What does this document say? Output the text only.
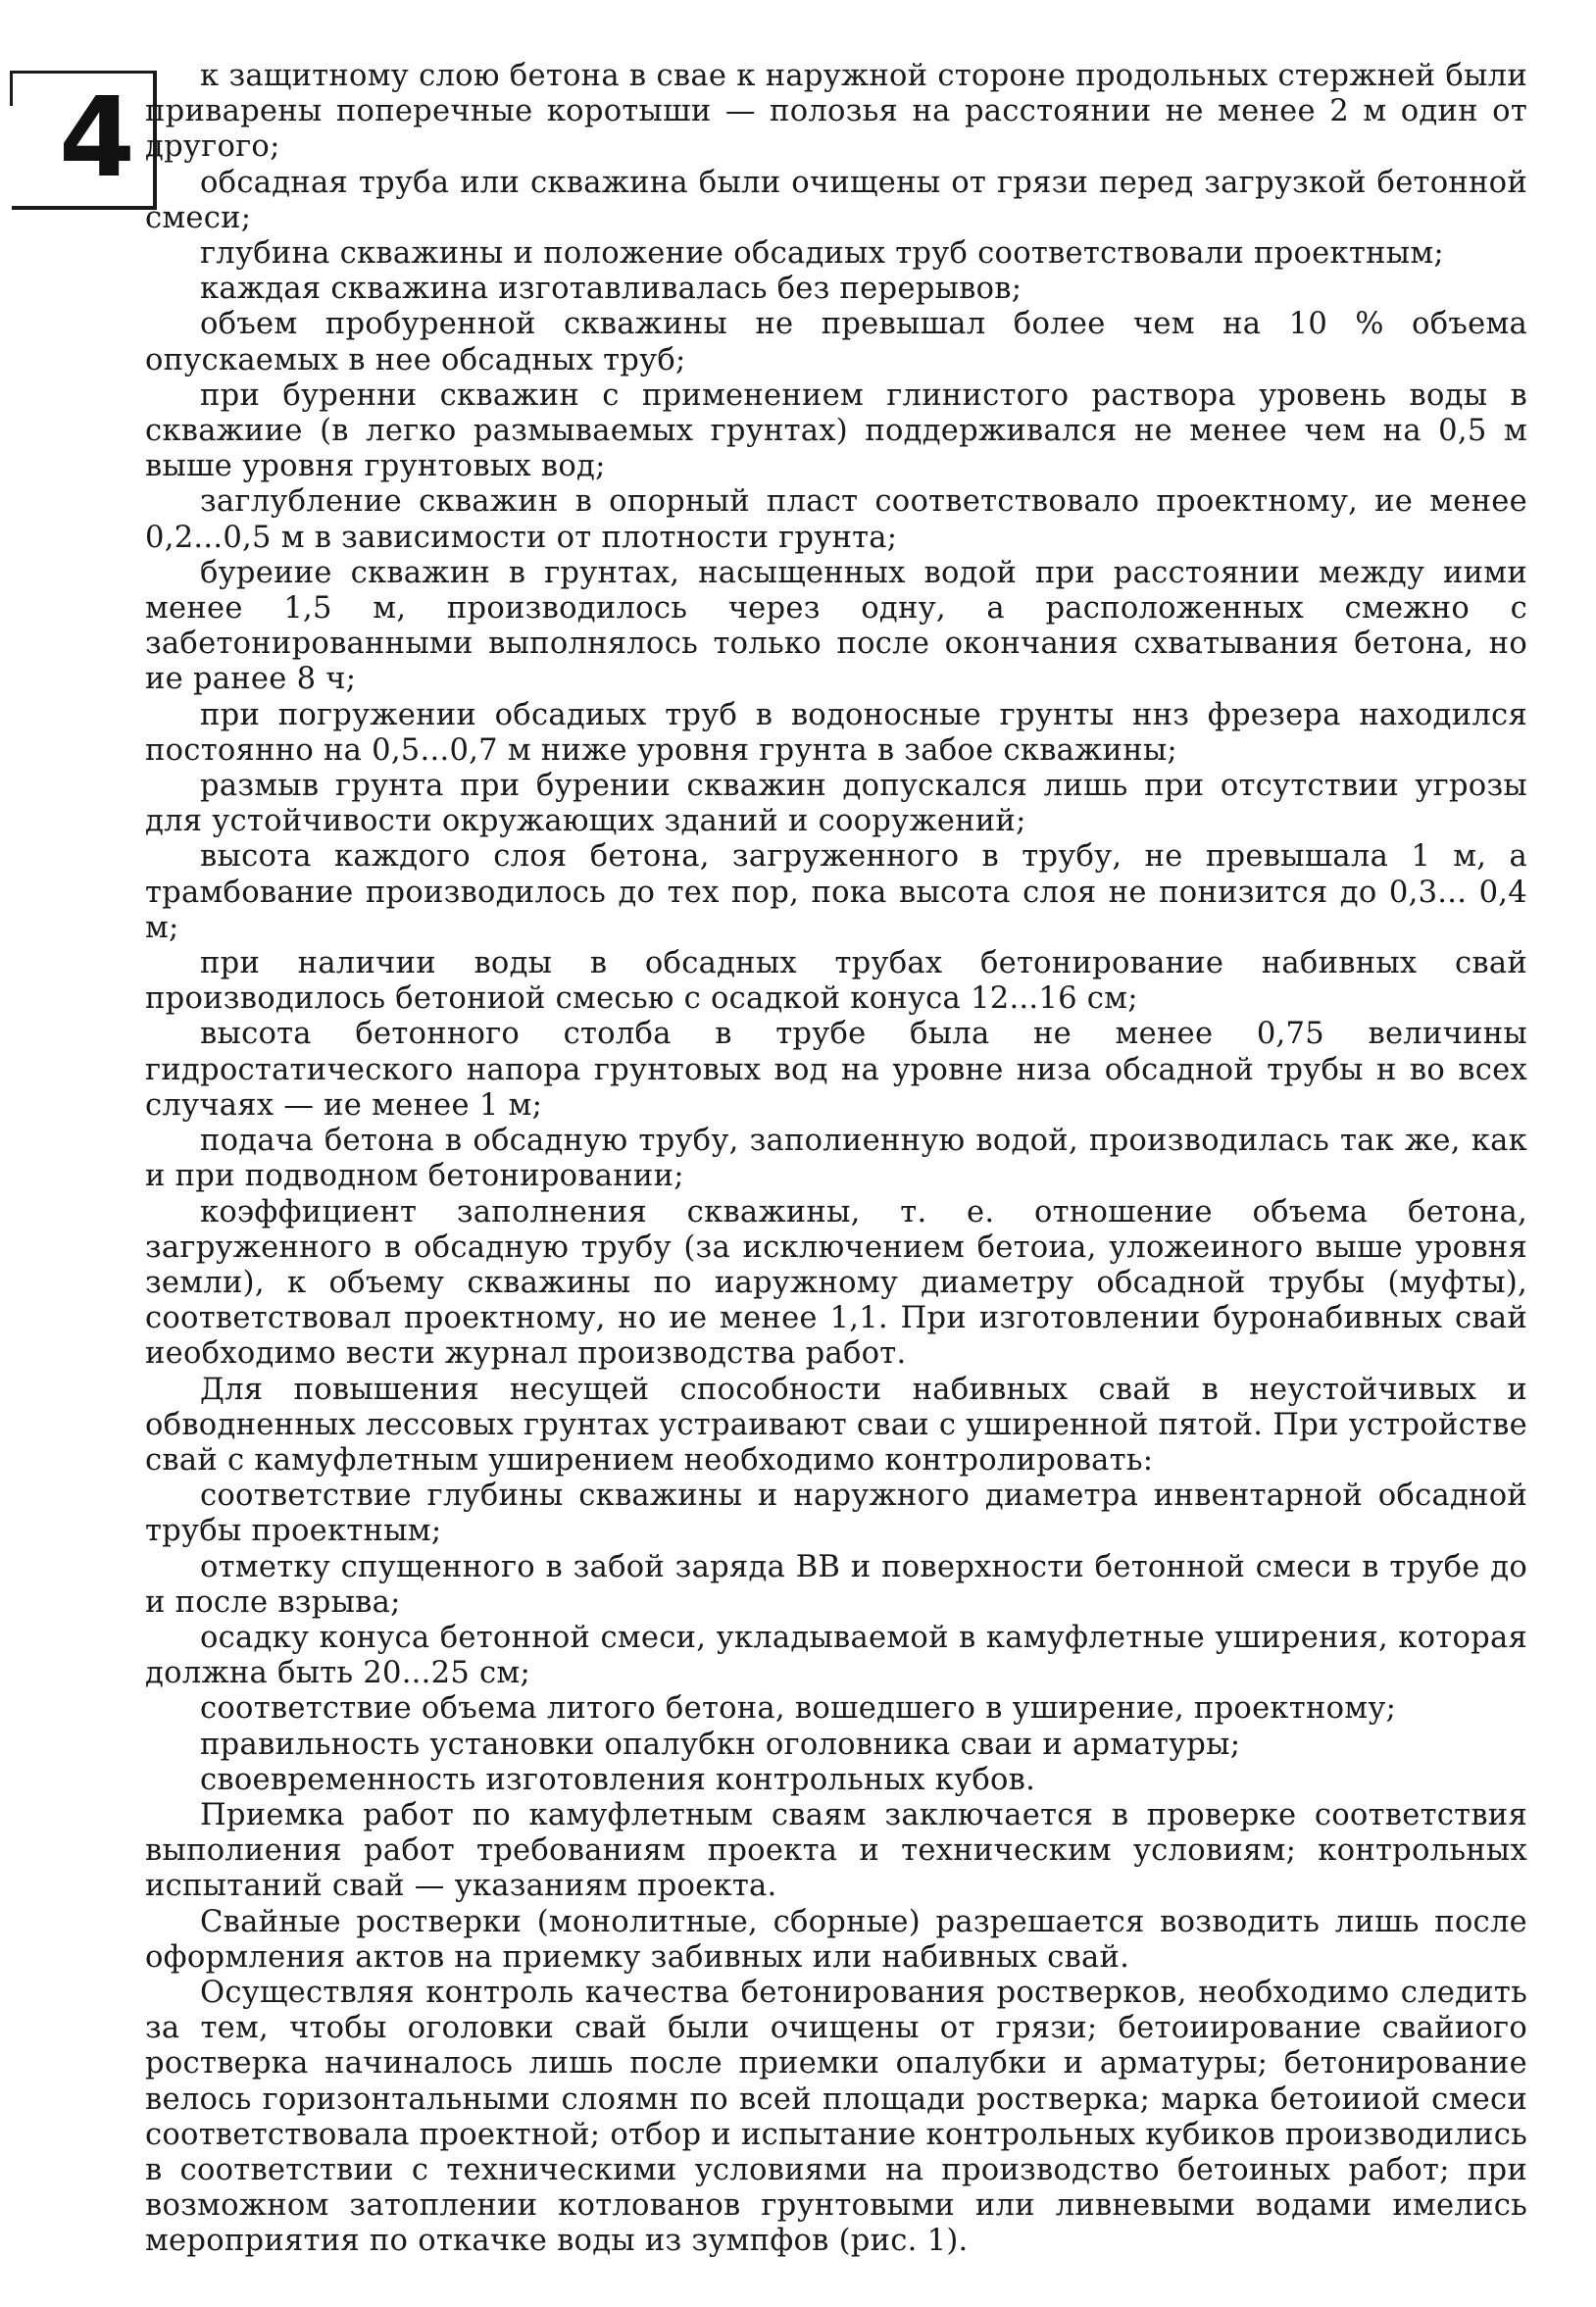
4	к защитному слою бетона в свае к наружной стороне продольных стержней были приварены поперечные коротыши — полозья на расстоянии не менее 2 м один от другого;

обсадная труба или скважина были очищены от грязи перед загрузкой бетонной смеси;

глубина скважины и положение обсадиых труб соответствовали проектным;

каждая скважина изготавливалась без перерывов;

объем пробуренной скважины не превышал более чем на 10 % объема опускаемых в нее обсадных труб;

при буренни скважин с применением глинистого раствора уровень воды в скважиие (в легко размываемых грунтах) поддерживался не менее чем на 0,5 м выше уровня грунтовых вод;

заглубление скважин в опорный пласт соответствовало проектному, ие менее 0,2...0,5 м в зависимости от плотности грунта;

буреиие скважин в грунтах, насыщенных водой при расстоянии между иими менее 1,5 м, производилось через одну, а расположенных смежно с забетонированными выполнялось только после окончания схватывания бетона, но ие ранее 8 ч;

при погружении обсадиых труб в водоносные грунты ннз фрезера находился постоянно на 0,5...0,7 м ниже уровня грунта в забое скважины;

размыв грунта при бурении скважин допускался лишь при отсутствии угрозы для устойчивости окружающих зданий и сооружений;

высота каждого слоя бетона, загруженного в трубу, не превышала 1 м, а трамбование производилось до тех пор, пока высота слоя не понизится до 0,3... 0,4 м;

при наличии воды в обсадных трубах бетонирование набивных свай производилось бетониой смесью с осадкой конуса 12...16 см;

высота бетонного столба в трубе была не менее 0,75 величины гидростатического напора грунтовых вод на уровне низа обсадной трубы н во всех случаях — ие менее 1 м;

подача бетона в обсадную трубу, заполиенную водой, производилась так же, как и при подводном бетонировании;

коэффициент заполнения скважины, т. е. отношение объема бетона, загруженного в обсадную трубу (за исключением бетоиа, уложеиного выше уровня земли), к объему скважины по иаружному диаметру обсадной трубы (муфты), соответствовал проектному, но ие менее 1,1. При изготовлении буронабивных свай иеобходимо вести журнал производства работ.

Для повышения несущей способности набивных свай в неустойчивых и обводненных лессовых грунтах устраивают сваи с уширенной пятой. При устройстве свай с камуфлетным уширением необходимо контролировать:

соответствие глубины скважины и наружного диаметра инвентарной обсадной трубы проектным;

отметку спущенного в забой заряда ВВ и поверхности бетонной смеси в трубе до и после взрыва;

осадку конуса бетонной смеси, укладываемой в камуфлетные уширения, которая должна быть 20...25 см;

соответствие объема литого бетона, вошедшего в уширение, проектному;

правильность установки опалубкн оголовника сваи и арматуры;

своевременность изготовления контрольных кубов.

Приемка работ по камуфлетным сваям заключается в проверке соответствия выполиения работ требованиям проекта и техническим условиям; контрольных испытаний свай — указаниям проекта.

Свайные ростверки (монолитные, сборные) разрешается возводить лишь после оформления актов на приемку забивных или набивных свай.

Осуществляя контроль качества бетонирования ростверков, необходимо следить за тем, чтобы оголовки свай были очищены от грязи; бетоиирование свайиого ростверка начиналось лишь после приемки опалубки и арматуры; бетонирование велось горизонтальными слоямн по всей площади ростверка; марка бетоииой смеси соответствовала проектной; отбор и испытание контрольных кубиков производились в соответствии с техническими условиями на производство бетоиных работ; при возможном затоплении котлованов грунтовыми или ливневыми водами имелись мероприятия по откачке воды из зумпфов (рис. 1).
